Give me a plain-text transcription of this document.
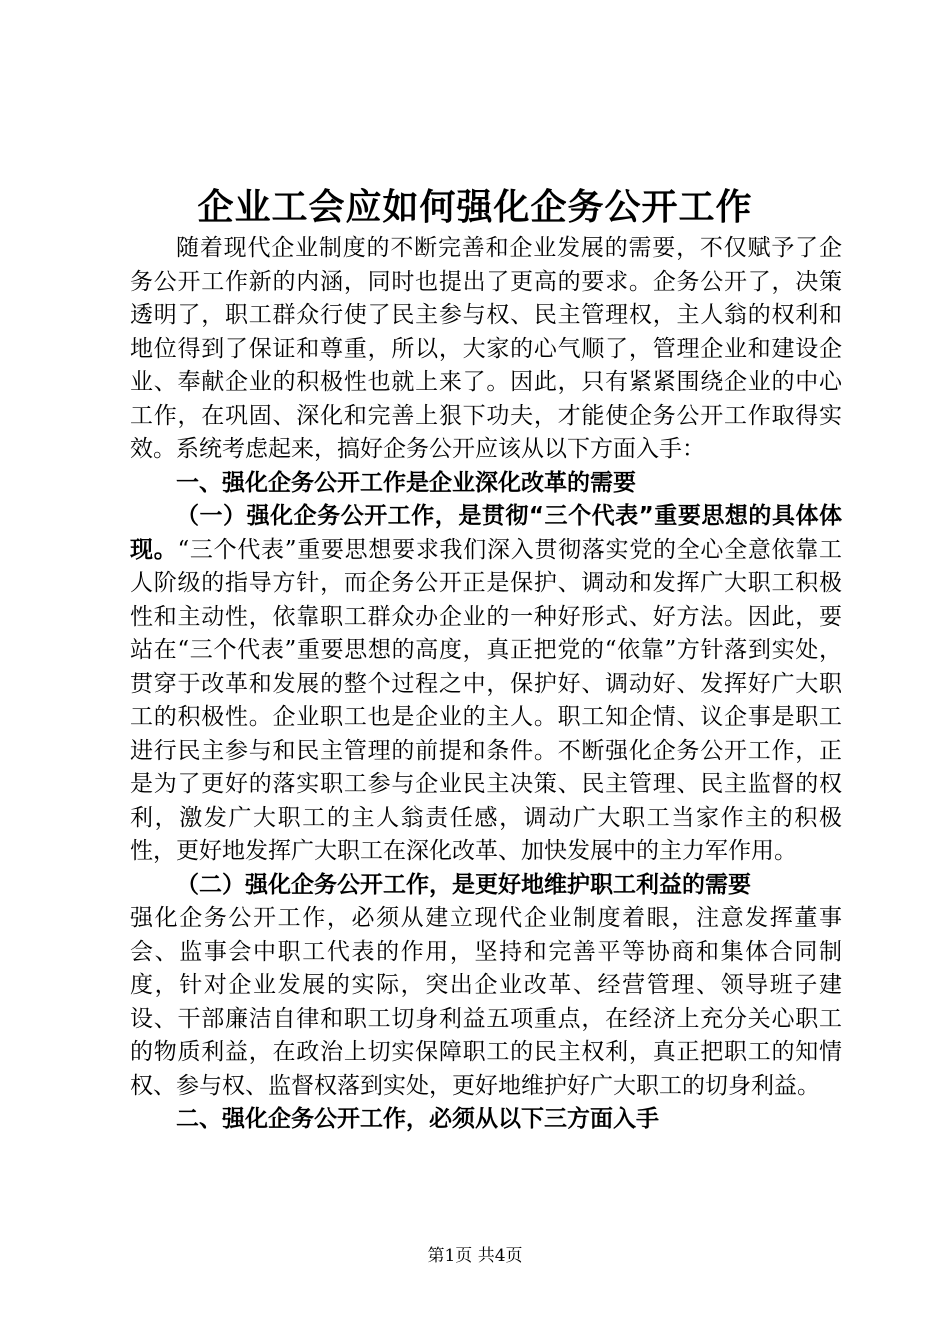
企业工会应如何强化企务公开工作

随着现代企业制度的不断完善和企业发展的需要，不仅赋予了企务公开工作新的内涵，同时也提出了更高的要求。企务公开了，决策透明了，职工群众行使了民主参与权、民主管理权，主人翁的权利和地位得到了保证和尊重，所以，大家的心气顺了，管理企业和建设企业、奉献企业的积极性也就上来了。因此，只有紧紧围绕企业的中心工作，在巩固、深化和完善上狠下功夫，才能使企务公开工作取得实效。系统考虑起来，搞好企务公开应该从以下方面入手：

一、强化企务公开工作是企业深化改革的需要

（一）强化企务公开工作，是贯彻“三个代表”重要思想的具体体现。“三个代表”重要思想要求我们深入贯彻落实党的全心全意依靠工人阶级的指导方针，而企务公开正是保护、调动和发挥广大职工积极性和主动性，依靠职工群众办企业的一种好形式、好方法。因此，要站在“三个代表”重要思想的高度，真正把党的“依靠”方针落到实处，贯穿于改革和发展的整个过程之中，保护好、调动好、发挥好广大职工的积极性。企业职工也是企业的主人。职工知企情、议企事是职工进行民主参与和民主管理的前提和条件。不断强化企务公开工作，正是为了更好的落实职工参与企业民主决策、民主管理、民主监督的权利，激发广大职工的主人翁责任感，调动广大职工当家作主的积极性，更好地发挥广大职工在深化改革、加快发展中的主力军作用。

（二）强化企务公开工作，是更好地维护职工利益的需要

强化企务公开工作，必须从建立现代企业制度着眼，注意发挥董事会、监事会中职工代表的作用，坚持和完善平等协商和集体合同制度，针对企业发展的实际，突出企业改革、经营管理、领导班子建设、干部廉洁自律和职工切身利益五项重点，在经济上充分关心职工的物质利益，在政治上切实保障职工的民主权利，真正把职工的知情权、参与权、监督权落到实处，更好地维护好广大职工的切身利益。

二、强化企务公开工作，必须从以下三方面入手

第1页 共4页
